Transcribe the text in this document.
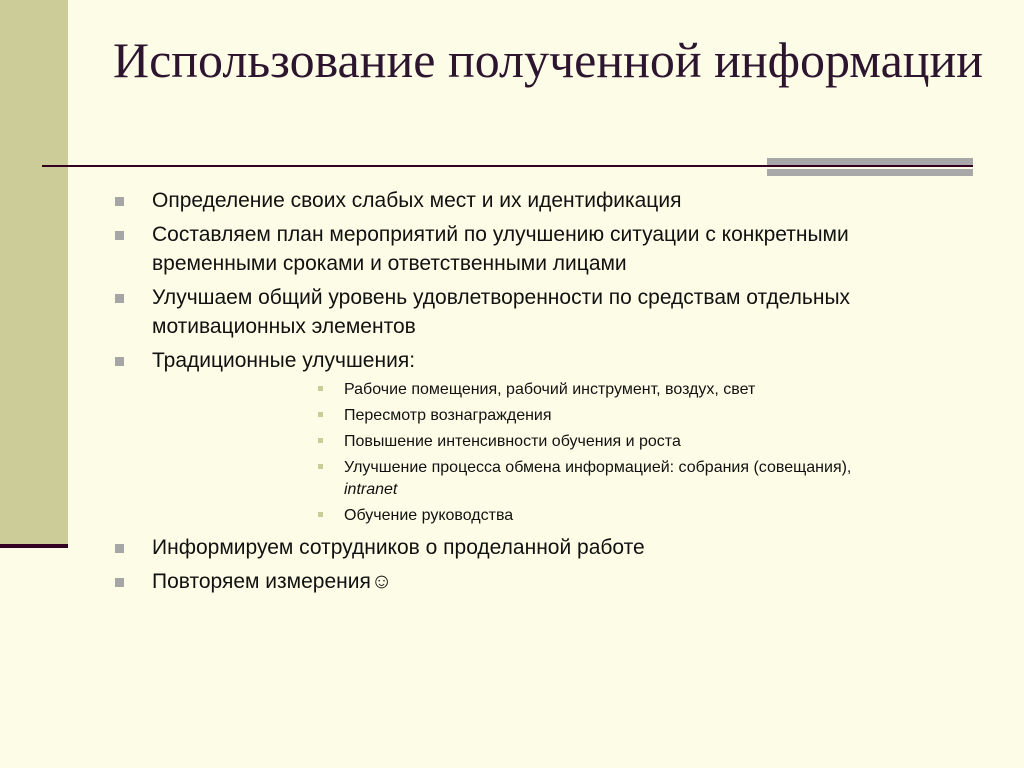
Использование полученной информации
Определение своих слабых мест и их идентификация
Составляем план мероприятий по улучшению ситуации с конкретными временными сроками и ответственными лицами
Улучшаем общий уровень удовлетворенности по средствам отдельных мотивационных элементов
Традиционные улучшения:
Рабочие помещения, рабочий инструмент, воздух, свет
Пересмотр вознаграждения
Повышение интенсивности обучения и роста
Улучшение процесса обмена информацией: собрания (совещания), intranet
Обучение руководства
Информируем сотрудников о проделанной работе
Повторяем измерения☺
